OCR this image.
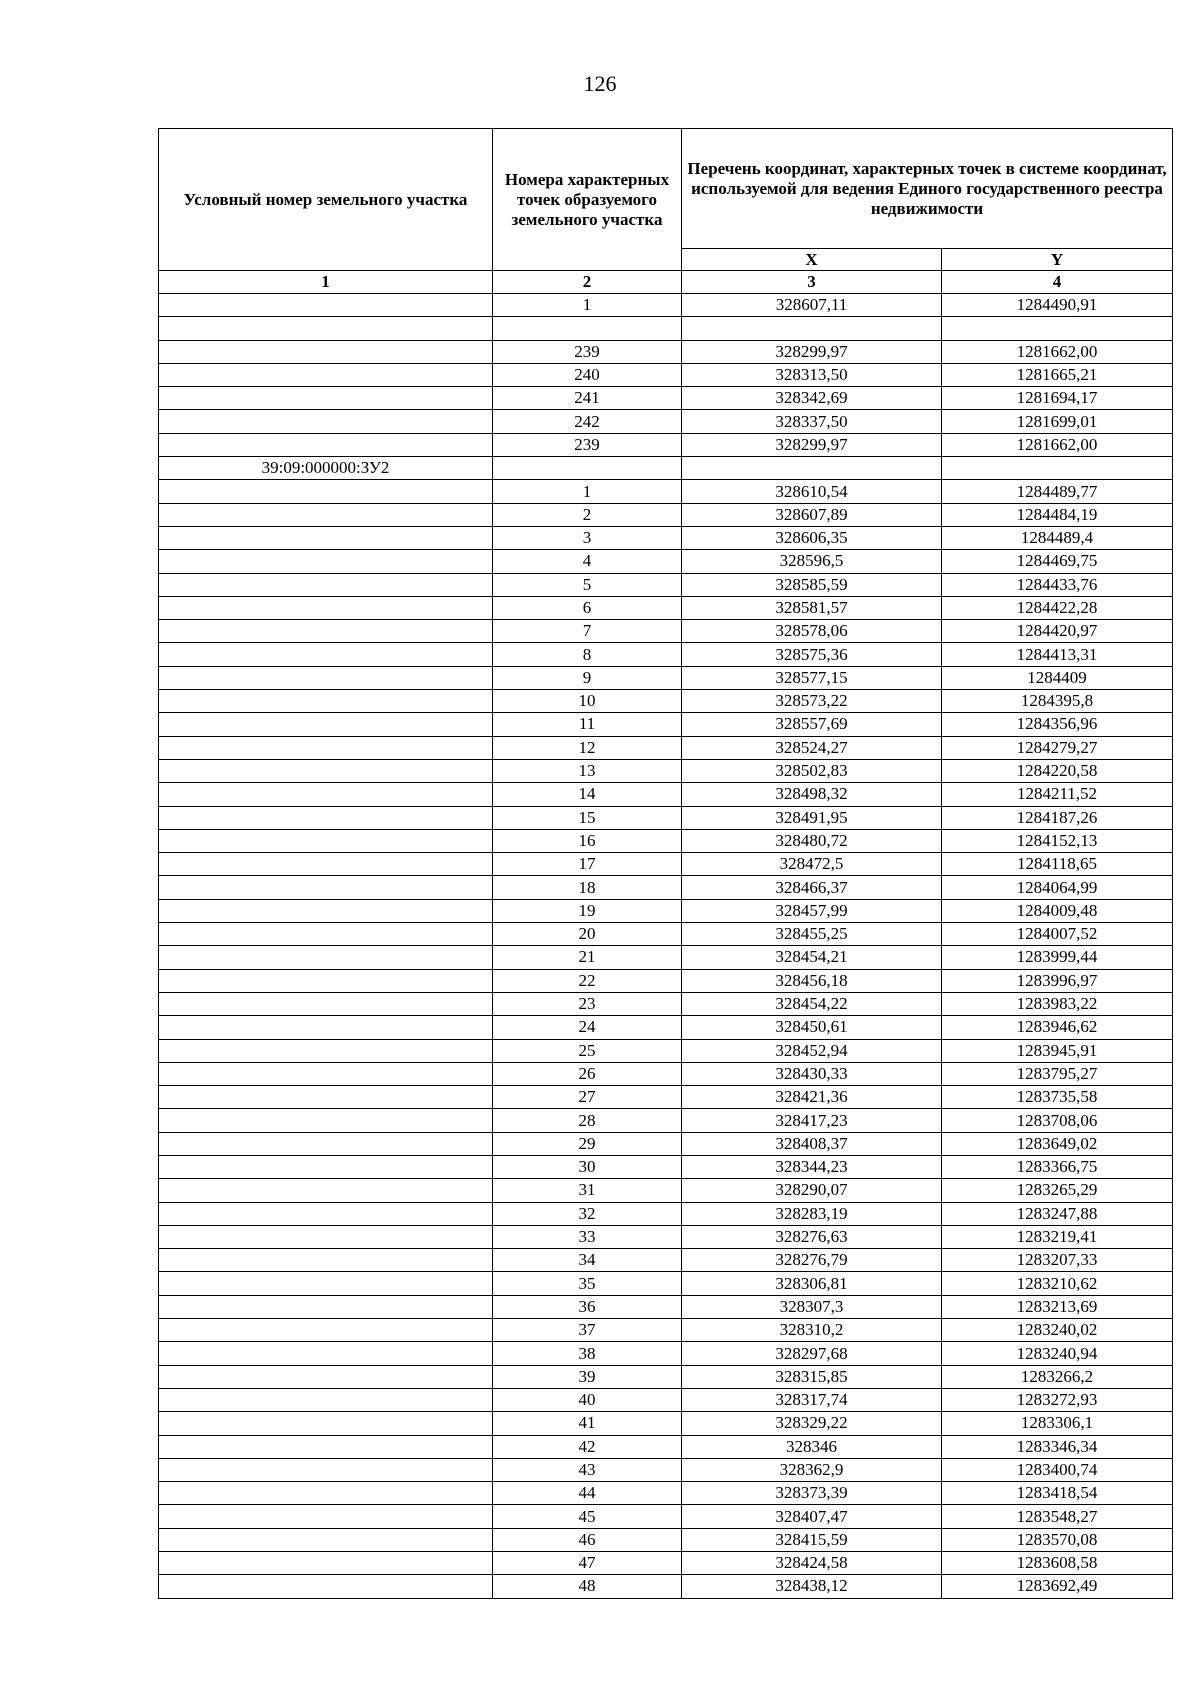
126
Условный номер земельного участка	Номера характерных точек образуемого земельного участка	Перечень координат, характерных точек в системе координат, используемой для ведения Единого государственного реестра недвижимости	
		X	Y
1	2	3	4
	1	328607,11	1284490,91

	239	328299,97	1281662,00
	240	328313,50	1281665,21
	241	328342,69	1281694,17
	242	328337,50	1281699,01
	239	328299,97	1281662,00
39:09:000000:ЗУ2			
	1	328610,54	1284489,77
	2	328607,89	1284484,19
	3	328606,35	1284489,4
	4	328596,5	1284469,75
	5	328585,59	1284433,76
	6	328581,57	1284422,28
	7	328578,06	1284420,97
	8	328575,36	1284413,31
	9	328577,15	1284409
	10	328573,22	1284395,8
	11	328557,69	1284356,96
	12	328524,27	1284279,27
	13	328502,83	1284220,58
	14	328498,32	1284211,52
	15	328491,95	1284187,26
	16	328480,72	1284152,13
	17	328472,5	1284118,65
	18	328466,37	1284064,99
	19	328457,99	1284009,48
	20	328455,25	1284007,52
	21	328454,21	1283999,44
	22	328456,18	1283996,97
	23	328454,22	1283983,22
	24	328450,61	1283946,62
	25	328452,94	1283945,91
	26	328430,33	1283795,27
	27	328421,36	1283735,58
	28	328417,23	1283708,06
	29	328408,37	1283649,02
	30	328344,23	1283366,75
	31	328290,07	1283265,29
	32	328283,19	1283247,88
	33	328276,63	1283219,41
	34	328276,79	1283207,33
	35	328306,81	1283210,62
	36	328307,3	1283213,69
	37	328310,2	1283240,02
	38	328297,68	1283240,94
	39	328315,85	1283266,2
	40	328317,74	1283272,93
	41	328329,22	1283306,1
	42	328346	1283346,34
	43	328362,9	1283400,74
	44	328373,39	1283418,54
	45	328407,47	1283548,27
	46	328415,59	1283570,08
	47	328424,58	1283608,58
	48	328438,12	1283692,49
